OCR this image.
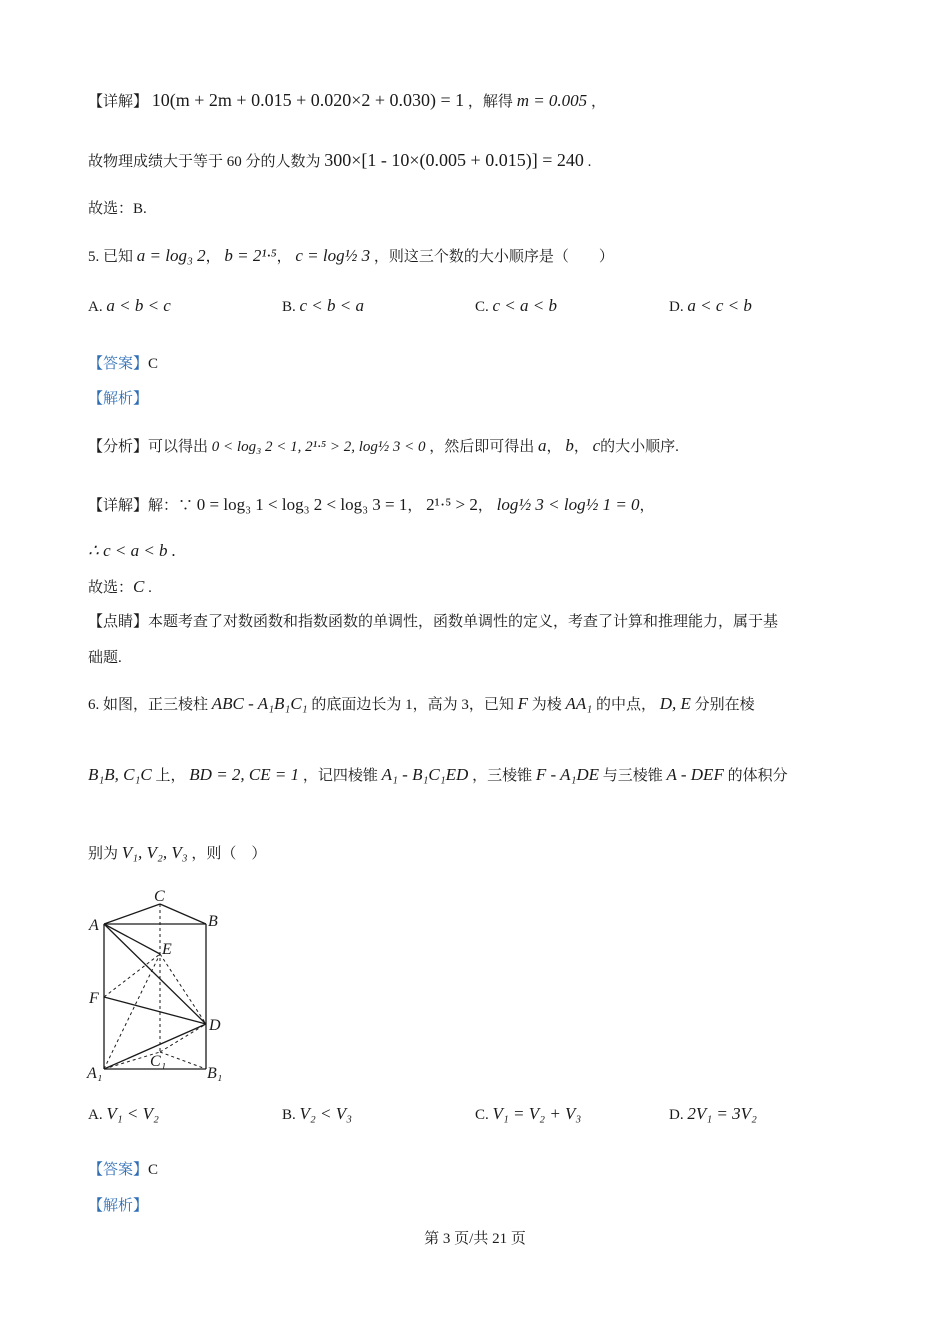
【详解】 10(m + 2m + 0.015 + 0.020×2 + 0.030) = 1 ，解得 m = 0.005 ，
故物理成绩大于等于 60 分的人数为 300×[1 - 10×(0.005 + 0.015)] = 240 .
故选：B.
5. 已知 a = log₃ 2， b = 2¹·⁵， c = log½ 3 ，则这三个数的大小顺序是（　　）
A. a < b < c	B. c < b < a	C. c < a < b	D. a < c < b
【答案】C
【解析】
【分析】可以得出 0 < log₃ 2 < 1, 2¹·⁵ > 2, log½ 3 < 0 ，然后即可得出 a， b， c的大小顺序.
【详解】解：∵ 0 = log₃ 1 < log₃ 2 < log₃ 3 = 1， 2¹·⁵ > 2， log½ 3 < log½ 1 = 0，
∴ c < a < b .
故选：C .
【点睛】本题考查了对数函数和指数函数的单调性，函数单调性的定义，考查了计算和推理能力，属于基
础题.
6. 如图，正三棱柱 ABC - A₁B₁C₁ 的底面边长为 1，高为 3，已知 F 为棱 AA₁ 的中点， D, E 分别在棱
B₁B, C₁C 上， BD = 2, CE = 1 ，记四棱锥 A₁ - B₁C₁ED ，三棱锥 F - A₁DE 与三棱锥 A - DEF 的体积分
别为 V₁, V₂, V₃ ，则（　）
C
A	B
E
F
D
A₁
C₁
B₁
A. V₁ < V₂	B. V₂ < V₃	C. V₁ = V₂ + V₃	D. 2V₁ = 3V₂
【答案】C
【解析】
第 3 页/共 21 页
